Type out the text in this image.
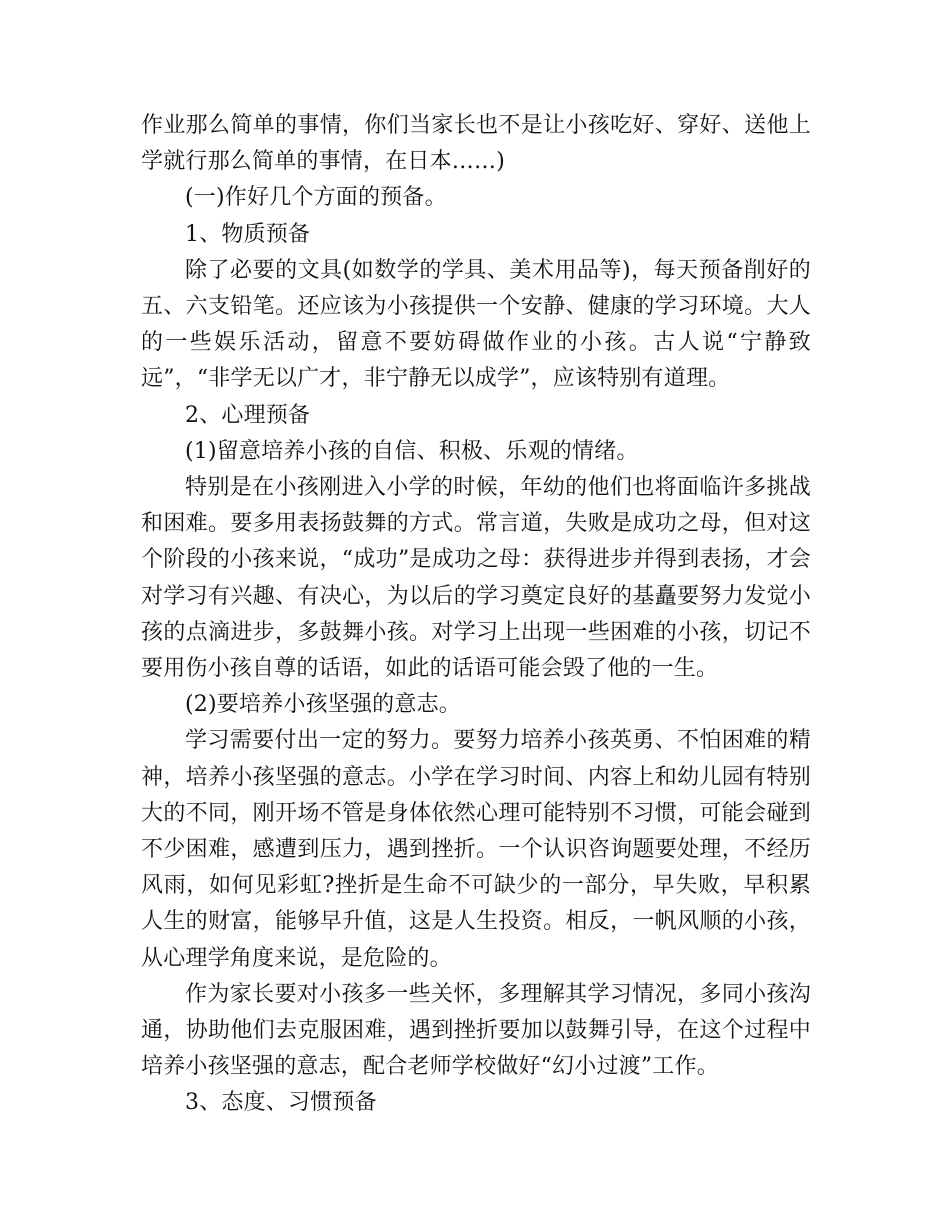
作业那么简单的事情，你们当家长也不是让小孩吃好、穿好、送他上学就行那么简单的事情，在日本……)

(一)作好几个方面的预备。

1、物质预备

除了必要的文具(如数学的学具、美术用品等)，每天预备削好的五、六支铅笔。还应该为小孩提供一个安静、健康的学习环境。大人的一些娱乐活动，留意不要妨碍做作业的小孩。古人说“宁静致远”，“非学无以广才，非宁静无以成学”，应该特别有道理。

2、心理预备

(1)留意培养小孩的自信、积极、乐观的情绪。

特别是在小孩刚进入小学的时候，年幼的他们也将面临许多挑战和困难。要多用表扬鼓舞的方式。常言道，失败是成功之母，但对这个阶段的小孩来说，“成功”是成功之母：获得进步并得到表扬，才会对学习有兴趣、有决心，为以后的学习奠定良好的基矗要努力发觉小孩的点滴进步，多鼓舞小孩。对学习上出现一些困难的小孩，切记不要用伤小孩自尊的话语，如此的话语可能会毁了他的一生。

(2)要培养小孩坚强的意志。

学习需要付出一定的努力。要努力培养小孩英勇、不怕困难的精神，培养小孩坚强的意志。小学在学习时间、内容上和幼儿园有特别大的不同，刚开场不管是身体依然心理可能特别不习惯，可能会碰到不少困难，感遭到压力，遇到挫折。一个认识咨询题要处理，不经历风雨，如何见彩虹?挫折是生命不可缺少的一部分，早失败，早积累人生的财富，能够早升值，这是人生投资。相反，一帆风顺的小孩，从心理学角度来说，是危险的。

作为家长要对小孩多一些关怀，多理解其学习情况，多同小孩沟通，协助他们去克服困难，遇到挫折要加以鼓舞引导，在这个过程中培养小孩坚强的意志，配合老师学校做好“幻小过渡”工作。

3、态度、习惯预备
